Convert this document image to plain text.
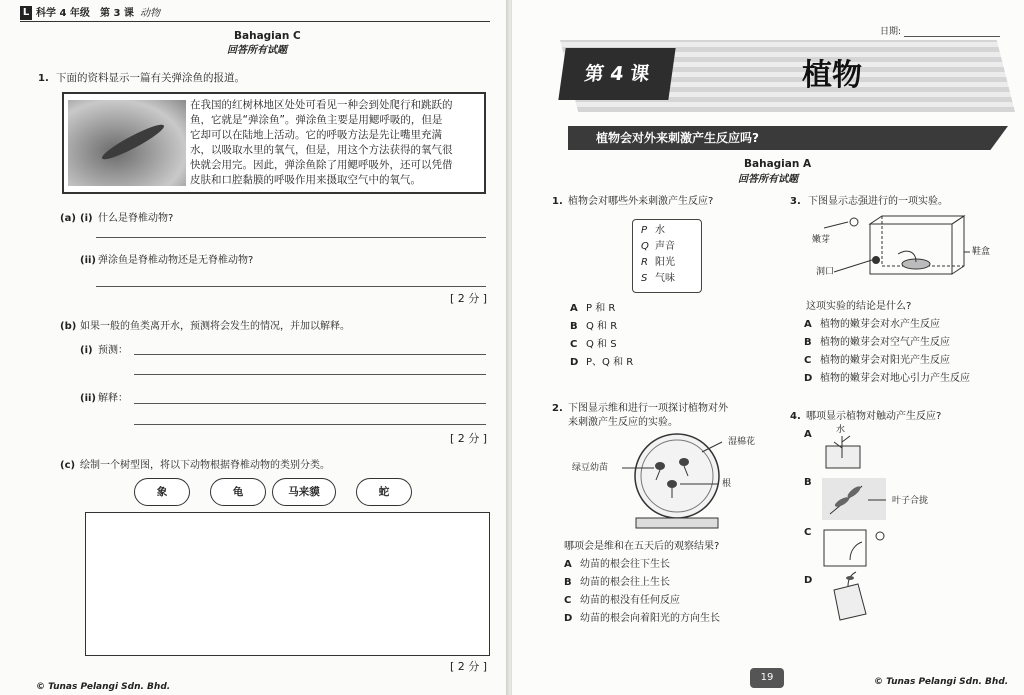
L 科学 4 年级 第 3 课 动物
Bahagian C
回答所有试题
1. 下面的资料显示一篇有关弹涂鱼的报道。
在我国的红树林地区处处可看见一种会到处爬行和跳跃的
鱼，它就是“弹涂鱼”。弹涂鱼主要是用鳃呼吸的，但是
它却可以在陆地上活动。它的呼吸方法是先让嘴里充满
水，以吸取水里的氧气，但是，用这个方法获得的氧气很
快就会用完。因此，弹涂鱼除了用鳃呼吸外，还可以凭借
皮肤和口腔黏膜的呼吸作用来摄取空气中的氧气。
(a) (i) 什么是脊椎动物?
(ii) 弹涂鱼是脊椎动物还是无脊椎动物?
[ 2 分 ]
(b) 如果一般的鱼类离开水，预测将会发生的情况，并加以解释。
(i) 预测：
(ii) 解释：
[ 2 分 ]
(c) 绘制一个树型图，将以下动物根据脊椎动物的类别分类。
象	龟	马来貘	蛇
[ 2 分 ]
© Tunas Pelangi Sdn. Bhd.
日期:
第 4 课	植物
植物会对外来刺激产生反应吗?
Bahagian A
回答所有试题
1. 植物会对哪些外来刺激产生反应?
P 水
Q 声音
R 阳光
S 气味
A P 和 R
B Q 和 R
C Q 和 S
D P、Q 和 R
3. 下图显示志强进行的一项实验。
嫩芽
鞋盒
洞口
这项实验的结论是什么?
A 植物的嫩芽会对水产生反应
B 植物的嫩芽会对空气产生反应
C 植物的嫩芽会对阳光产生反应
D 植物的嫩芽会对地心引力产生反应
2. 下图显示维和进行一项探讨植物对外
来刺激产生反应的实验。
湿棉花
绿豆幼苗
根
哪项会是维和在五天后的观察结果?
A 幼苗的根会往下生长
B 幼苗的根会往上生长
C 幼苗的根没有任何反应
D 幼苗的根会向着阳光的方向生长
4. 哪项显示植物对触动产生反应?
A	水
B
叶子合拢
C
D
19	© Tunas Pelangi Sdn. Bhd.
